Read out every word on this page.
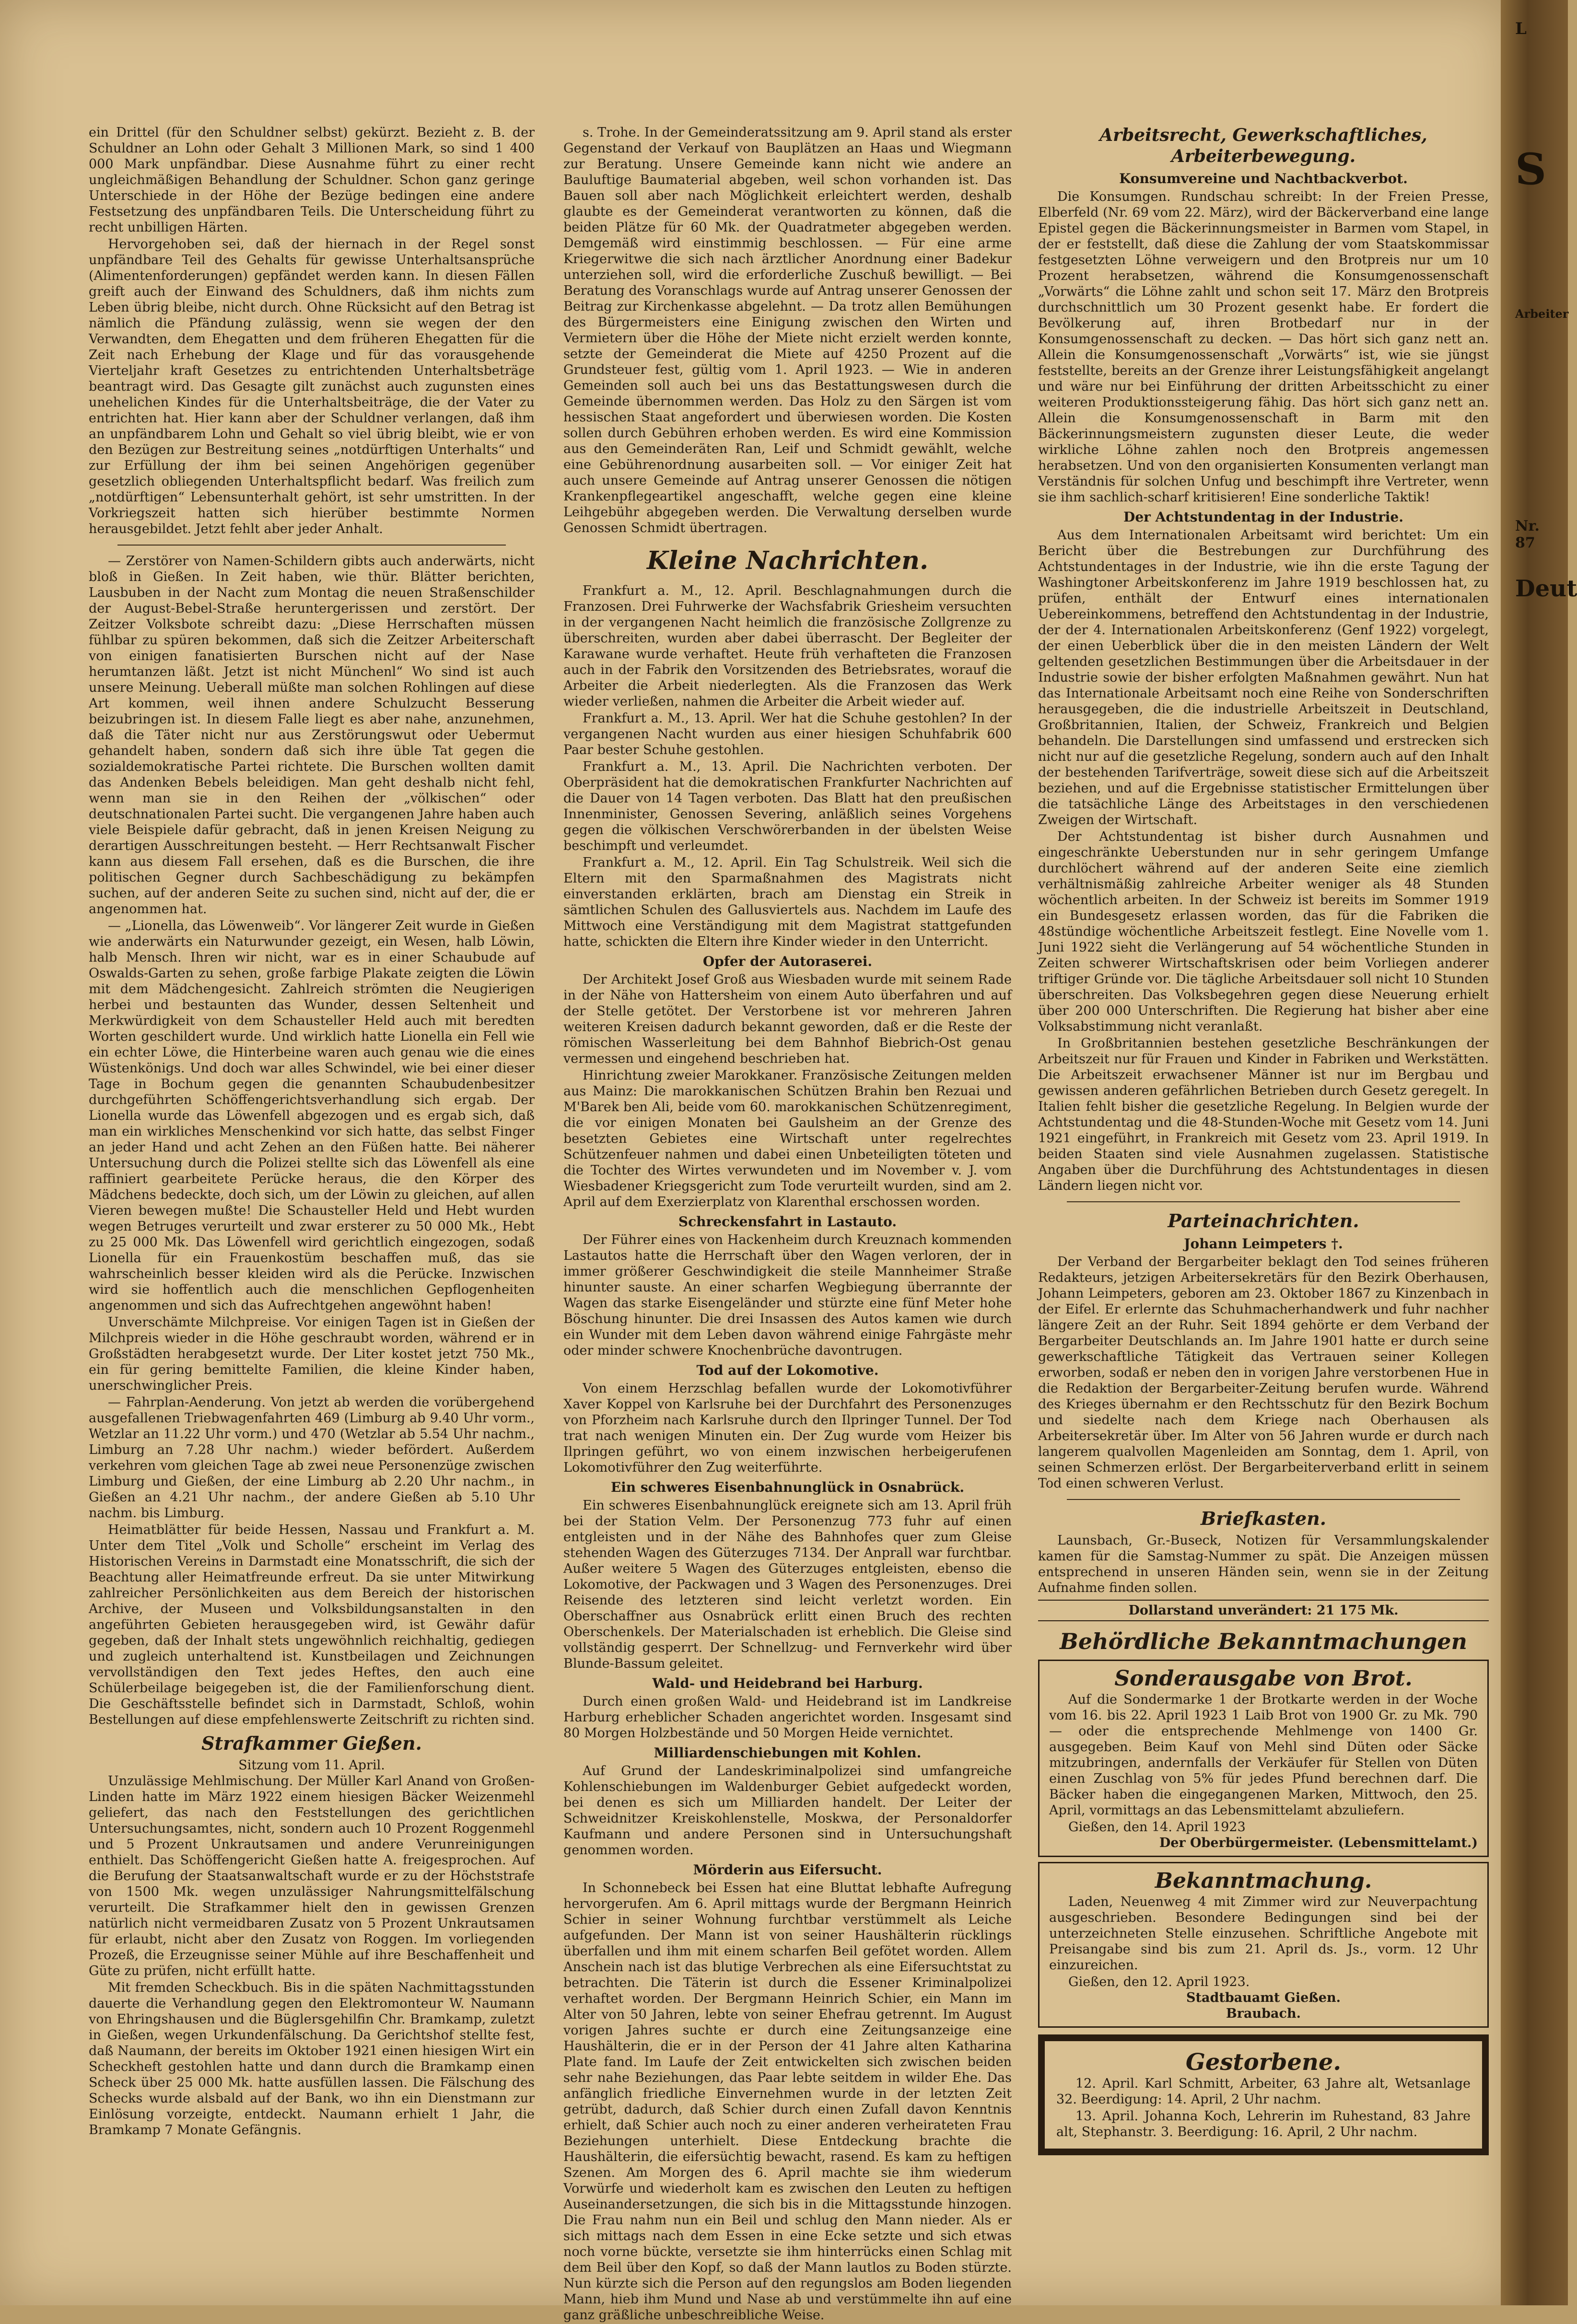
ein Drittel (für den Schuldner selbst) gekürzt. Bezieht z. B. der Schuldner an Lohn oder Gehalt 3 Millionen Mark, so sind 1 400 000 Mark unpfändbar. Diese Ausnahme führt zu einer recht ungleichmäßigen Behandlung der Schuldner. Schon ganz geringe Unterschiede in der Höhe der Bezüge bedingen eine andere Festsetzung des unpfändbaren Teils. Die Unterscheidung führt zu recht unbilligen Härten.

Hervorgehoben sei, daß der hiernach in der Regel sonst unpfändbare Teil des Gehalts für gewisse Unterhaltsansprüche (Alimentenforderungen) gepfändet werden kann. In diesen Fällen greift auch der Einwand des Schuldners, daß ihm nichts zum Leben übrig bleibe, nicht durch. Ohne Rücksicht auf den Betrag ist nämlich die Pfändung zulässig, wenn sie wegen der den Verwandten, dem Ehegatten und dem früheren Ehegatten für die Zeit nach Erhebung der Klage und für das vorausgehende Vierteljahr kraft Gesetzes zu entrichtenden Unterhaltsbeträge beantragt wird. Das Gesagte gilt zunächst auch zugunsten eines unehelichen Kindes für die Unterhaltsbeiträge, die der Vater zu entrichten hat. Hier kann aber der Schuldner verlangen, daß ihm an unpfändbarem Lohn und Gehalt so viel übrig bleibt, wie er von den Bezügen zur Bestreitung seines „notdürftigen Unterhalts“ und zur Erfüllung der ihm bei seinen Angehörigen gegenüber gesetzlich obliegenden Unterhaltspflicht bedarf. Was freilich zum „notdürftigen“ Lebensunterhalt gehört, ist sehr umstritten. In der Vorkriegszeit hatten sich hierüber bestimmte Normen herausgebildet. Jetzt fehlt aber jeder Anhalt.

— Zerstörer von Namen-Schildern gibts auch anderwärts, nicht bloß in Gießen. In Zeit haben, wie thür. Blätter berichten, Lausbuben in der Nacht zum Montag die neuen Straßenschilder der August-Bebel-Straße heruntergerissen und zerstört. Der Zeitzer Volksbote schreibt dazu: „Diese Herrschaften müssen fühlbar zu spüren bekommen, daß sich die Zeitzer Arbeiterschaft von einigen fanatisierten Burschen nicht auf der Nase herumtanzen läßt. Jetzt ist nicht Münchenl“ Wo sind ist auch unsere Meinung. Ueberall müßte man solchen Rohlingen auf diese Art kommen, weil ihnen andere Schulzucht Besserung beizubringen ist. In diesem Falle liegt es aber nahe, anzunehmen, daß die Täter nicht nur aus Zerstörungswut oder Uebermut gehandelt haben, sondern daß sich ihre üble Tat gegen die sozialdemokratische Partei richtete. Die Burschen wollten damit das Andenken Bebels beleidigen. Man geht deshalb nicht fehl, wenn man sie in den Reihen der „völkischen“ oder deutschnationalen Partei sucht. Die vergangenen Jahre haben auch viele Beispiele dafür gebracht, daß in jenen Kreisen Neigung zu derartigen Ausschreitungen besteht. — Herr Rechtsanwalt Fischer kann aus diesem Fall ersehen, daß es die Burschen, die ihre politischen Gegner durch Sachbeschädigung zu bekämpfen suchen, auf der anderen Seite zu suchen sind, nicht auf der, die er angenommen hat.

— „Lionella, das Löwenweib“. Vor längerer Zeit wurde in Gießen wie anderwärts ein Naturwunder gezeigt, ein Wesen, halb Löwin, halb Mensch. Ihren wir nicht, war es in einer Schaubude auf Oswalds-Garten zu sehen, große farbige Plakate zeigten die Löwin mit dem Mädchengesicht. Zahlreich strömten die Neugierigen herbei und bestaunten das Wunder, dessen Seltenheit und Merkwürdigkeit von dem Schausteller Held auch mit beredten Worten geschildert wurde. Und wirklich hatte Lionella ein Fell wie ein echter Löwe, die Hinterbeine waren auch genau wie die eines Wüstenkönigs. Und doch war alles Schwindel, wie bei einer dieser Tage in Bochum gegen die genannten Schaubudenbesitzer durchgeführten Schöffengerichtsverhandlung sich ergab. Der Lionella wurde das Löwenfell abgezogen und es ergab sich, daß man ein wirkliches Menschenkind vor sich hatte, das selbst Finger an jeder Hand und acht Zehen an den Füßen hatte. Bei näherer Untersuchung durch die Polizei stellte sich das Löwenfell als eine raffiniert gearbeitete Perücke heraus, die den Körper des Mädchens bedeckte, doch sich, um der Löwin zu gleichen, auf allen Vieren bewegen mußte! Die Schausteller Held und Hebt wurden wegen Betruges verurteilt und zwar ersterer zu 50 000 Mk., Hebt zu 25 000 Mk. Das Löwenfell wird gerichtlich eingezogen, sodaß Lionella für ein Frauenkostüm beschaffen muß, das sie wahrscheinlich besser kleiden wird als die Perücke. Inzwischen wird sie hoffentlich auch die menschlichen Gepflogenheiten angenommen und sich das Aufrechtgehen angewöhnt haben!

Unverschämte Milchpreise. Vor einigen Tagen ist in Gießen der Milchpreis wieder in die Höhe geschraubt worden, während er in Großstädten herabgesetzt wurde. Der Liter kostet jetzt 750 Mk., ein für gering bemittelte Familien, die kleine Kinder haben, unerschwinglicher Preis.

— Fahrplan-Aenderung. Von jetzt ab werden die vorübergehend ausgefallenen Triebwagenfahrten 469 (Limburg ab 9.40 Uhr vorm., Wetzlar an 11.22 Uhr vorm.) und 470 (Wetzlar ab 5.54 Uhr nachm., Limburg an 7.28 Uhr nachm.) wieder befördert. Außerdem verkehren vom gleichen Tage ab zwei neue Personenzüge zwischen Limburg und Gießen, der eine Limburg ab 2.20 Uhr nachm., in Gießen an 4.21 Uhr nachm., der andere Gießen ab 5.10 Uhr nachm. bis Limburg.

Heimatblätter für beide Hessen, Nassau und Frankfurt a. M. Unter dem Titel „Volk und Scholle“ erscheint im Verlag des Historischen Vereins in Darmstadt eine Monatsschrift, die sich der Beachtung aller Heimatfreunde erfreut. Da sie unter Mitwirkung zahlreicher Persönlichkeiten aus dem Bereich der historischen Archive, der Museen und Volksbildungsanstalten in den angeführten Gebieten herausgegeben wird, ist Gewähr dafür gegeben, daß der Inhalt stets ungewöhnlich reichhaltig, gediegen und zugleich unterhaltend ist. Kunstbeilagen und Zeichnungen vervollständigen den Text jedes Heftes, den auch eine Schülerbeilage beigegeben ist, die der Familienforschung dient. Die Geschäftsstelle befindet sich in Darmstadt, Schloß, wohin Bestellungen auf diese empfehlenswerte Zeitschrift zu richten sind.

Strafkammer Gießen.
Sitzung vom 11. April.

Unzulässige Mehlmischung. Der Müller Karl Anand von Großen-Linden hatte im März 1922 einem hiesigen Bäcker Weizenmehl geliefert, das nach den Feststellungen des gerichtlichen Untersuchungsamtes, nicht, sondern auch 10 Prozent Roggenmehl und 5 Prozent Unkrautsamen und andere Verunreinigungen enthielt. Das Schöffengericht Gießen hatte A. freigesprochen. Auf die Berufung der Staatsanwaltschaft wurde er zu der Höchststrafe von 1500 Mk. wegen unzulässiger Nahrungsmittelfälschung verurteilt. Die Strafkammer hielt den in gewissen Grenzen natürlich nicht vermeidbaren Zusatz von 5 Prozent Unkrautsamen für erlaubt, nicht aber den Zusatz von Roggen. Im vorliegenden Prozeß, die Erzeugnisse seiner Mühle auf ihre Beschaffenheit und Güte zu prüfen, nicht erfüllt hatte.

Mit fremden Scheckbuch. Bis in die späten Nachmittagsstunden dauerte die Verhandlung gegen den Elektromonteur W. Naumann von Ehringshausen und die Büglersgehilfin Chr. Bramkamp, zuletzt in Gießen, wegen Urkundenfälschung. Da Gerichtshof stellte fest, daß Naumann, der bereits im Oktober 1921 einen hiesigen Wirt ein Scheckheft gestohlen hatte und dann durch die Bramkamp einen Scheck über 25 000 Mk. hatte ausfüllen lassen. Die Fälschung des Schecks wurde alsbald auf der Bank, wo ihn ein Dienstmann zur Einlösung vorzeigte, entdeckt. Naumann erhielt 1 Jahr, die Bramkamp 7 Monate Gefängnis.

s. Trohe. In der Gemeinderatssitzung am 9. April stand als erster Gegenstand der Verkauf von Bauplätzen an Haas und Wiegmann zur Beratung. Unsere Gemeinde kann nicht wie andere an Bauluftige Baumaterial abgeben, weil schon vorhanden ist. Das Bauen soll aber nach Möglichkeit erleichtert werden, deshalb glaubte es der Gemeinderat verantworten zu können, daß die beiden Plätze für 60 Mk. der Quadratmeter abgegeben werden. Demgemäß wird einstimmig beschlossen. — Für eine arme Kriegerwitwe die sich nach ärztlicher Anordnung einer Badekur unterziehen soll, wird die erforderliche Zuschuß bewilligt. — Bei Beratung des Voranschlags wurde auf Antrag unserer Genossen der Beitrag zur Kirchenkasse abgelehnt. — Da trotz allen Bemühungen des Bürgermeisters eine Einigung zwischen den Wirten und Vermietern über die Höhe der Miete nicht erzielt werden konnte, setzte der Gemeinderat die Miete auf 4250 Prozent auf die Grundsteuer fest, gültig vom 1. April 1923. — Wie in anderen Gemeinden soll auch bei uns das Bestattungswesen durch die Gemeinde übernommen werden. Das Holz zu den Särgen ist vom hessischen Staat angefordert und überwiesen worden. Die Kosten sollen durch Gebühren erhoben werden. Es wird eine Kommission aus den Gemeinderäten Ran, Leif und Schmidt gewählt, welche eine Gebührenordnung ausarbeiten soll. — Vor einiger Zeit hat auch unsere Gemeinde auf Antrag unserer Genossen die nötigen Krankenpflegeartikel angeschafft, welche gegen eine kleine Leihgebühr abgegeben werden. Die Verwaltung derselben wurde Genossen Schmidt übertragen.

Kleine Nachrichten.

Frankfurt a. M., 12. April. Beschlagnahmungen durch die Franzosen. Drei Fuhrwerke der Wachsfabrik Griesheim versuchten in der vergangenen Nacht heimlich die französische Zollgrenze zu überschreiten, wurden aber dabei überrascht. Der Begleiter der Karawane wurde verhaftet. Heute früh verhafteten die Franzosen auch in der Fabrik den Vorsitzenden des Betriebsrates, worauf die Arbeiter die Arbeit niederlegten. Als die Franzosen das Werk wieder verließen, nahmen die Arbeiter die Arbeit wieder auf.

Frankfurt a. M., 13. April. Wer hat die Schuhe gestohlen? In der vergangenen Nacht wurden aus einer hiesigen Schuhfabrik 600 Paar bester Schuhe gestohlen.

Frankfurt a. M., 13. April. Die Nachrichten verboten. Der Oberpräsident hat die demokratischen Frankfurter Nachrichten auf die Dauer von 14 Tagen verboten. Das Blatt hat den preußischen Innenminister, Genossen Severing, anläßlich seines Vorgehens gegen die völkischen Verschwörerbanden in der übelsten Weise beschimpft und verleumdet.

Frankfurt a. M., 12. April. Ein Tag Schulstreik. Weil sich die Eltern mit den Sparmaßnahmen des Magistrats nicht einverstanden erklärten, brach am Dienstag ein Streik in sämtlichen Schulen des Gallusviertels aus. Nachdem im Laufe des Mittwoch eine Verständigung mit dem Magistrat stattgefunden hatte, schickten die Eltern ihre Kinder wieder in den Unterricht.

Opfer der Autoraserei.

Der Architekt Josef Groß aus Wiesbaden wurde mit seinem Rade in der Nähe von Hattersheim von einem Auto überfahren und auf der Stelle getötet. Der Verstorbene ist vor mehreren Jahren weiteren Kreisen dadurch bekannt geworden, daß er die Reste der römischen Wasserleitung bei dem Bahnhof Biebrich-Ost genau vermessen und eingehend beschrieben hat.

Hinrichtung zweier Marokkaner. Französische Zeitungen melden aus Mainz: Die marokkanischen Schützen Brahin ben Rezuai und M'Barek ben Ali, beide vom 60. marokkanischen Schützenregiment, die vor einigen Monaten bei Gaulsheim an der Grenze des besetzten Gebietes eine Wirtschaft unter regelrechtes Schützenfeuer nahmen und dabei einen Unbeteiligten töteten und die Tochter des Wirtes verwundeten und im November v. J. vom Wiesbadener Kriegsgericht zum Tode verurteilt wurden, sind am 2. April auf dem Exerzierplatz von Klarenthal erschossen worden.

Schreckensfahrt in Lastauto.

Der Führer eines von Hackenheim durch Kreuznach kommenden Lastautos hatte die Herrschaft über den Wagen verloren, der in immer größerer Geschwindigkeit die steile Mannheimer Straße hinunter sauste. An einer scharfen Wegbiegung überrannte der Wagen das starke Eisengeländer und stürzte eine fünf Meter hohe Böschung hinunter. Die drei Insassen des Autos kamen wie durch ein Wunder mit dem Leben davon während einige Fahrgäste mehr oder minder schwere Knochenbrüche davontrugen.

Tod auf der Lokomotive.

Von einem Herzschlag befallen wurde der Lokomotivführer Xaver Koppel von Karlsruhe bei der Durchfahrt des Personenzuges von Pforzheim nach Karlsruhe durch den Ilpringer Tunnel. Der Tod trat nach wenigen Minuten ein. Der Zug wurde vom Heizer bis Ilpringen geführt, wo von einem inzwischen herbeigerufenen Lokomotivführer den Zug weiterführte.

Ein schweres Eisenbahnunglück in Osnabrück.

Ein schweres Eisenbahnunglück ereignete sich am 13. April früh bei der Station Velm. Der Personenzug 773 fuhr auf einen entgleisten und in der Nähe des Bahnhofes quer zum Gleise stehenden Wagen des Güterzuges 7134. Der Anprall war furchtbar. Außer weitere 5 Wagen des Güterzuges entgleisten, ebenso die Lokomotive, der Packwagen und 3 Wagen des Personenzuges. Drei Reisende des letzteren sind leicht verletzt worden. Ein Oberschaffner aus Osnabrück erlitt einen Bruch des rechten Oberschenkels. Der Materialschaden ist erheblich. Die Gleise sind vollständig gesperrt. Der Schnellzug- und Fernverkehr wird über Blunde-Bassum geleitet.

Wald- und Heidebrand bei Harburg.

Durch einen großen Wald- und Heidebrand ist im Landkreise Harburg erheblicher Schaden angerichtet worden. Insgesamt sind 80 Morgen Holzbestände und 50 Morgen Heide vernichtet.

Milliardenschiebungen mit Kohlen.

Auf Grund der Landeskriminalpolizei sind umfangreiche Kohlenschiebungen im Waldenburger Gebiet aufgedeckt worden, bei denen es sich um Milliarden handelt. Der Leiter der Schweidnitzer Kreiskohlenstelle, Moskwa, der Personaldorfer Kaufmann und andere Personen sind in Untersuchungshaft genommen worden.

Mörderin aus Eifersucht.

In Schonnebeck bei Essen hat eine Bluttat lebhafte Aufregung hervorgerufen. Am 6. April mittags wurde der Bergmann Heinrich Schier in seiner Wohnung furchtbar verstümmelt als Leiche aufgefunden. Der Mann ist von seiner Haushälterin rücklings überfallen und ihm mit einem scharfen Beil gefötet worden. Allem Anschein nach ist das blutige Verbrechen als eine Eifersuchtstat zu betrachten. Die Täterin ist durch die Essener Kriminalpolizei verhaftet worden. Der Bergmann Heinrich Schier, ein Mann im Alter von 50 Jahren, lebte von seiner Ehefrau getrennt. Im August vorigen Jahres suchte er durch eine Zeitungsanzeige eine Haushälterin, die er in der Person der 41 Jahre alten Katharina Plate fand. Im Laufe der Zeit entwickelten sich zwischen beiden sehr nahe Beziehungen, das Paar lebte seitdem in wilder Ehe. Das anfänglich friedliche Einvernehmen wurde in der letzten Zeit getrübt, dadurch, daß Schier durch einen Zufall davon Kenntnis erhielt, daß Schier auch noch zu einer anderen verheirateten Frau Beziehungen unterhielt. Diese Entdeckung brachte die Haushälterin, die eifersüchtig bewacht, rasend. Es kam zu heftigen Szenen. Am Morgen des 6. April machte sie ihm wiederum Vorwürfe und wiederholt kam es zwischen den Leuten zu heftigen Auseinandersetzungen, die sich bis in die Mittagsstunde hinzogen. Die Frau nahm nun ein Beil und schlug den Mann nieder. Als er sich mittags nach dem Essen in eine Ecke setzte und sich etwas noch vorne bückte, versetzte sie ihm hinterrücks einen Schlag mit dem Beil über den Kopf, so daß der Mann lautlos zu Boden stürzte. Nun kürzte sich die Person auf den regungslos am Boden liegenden Mann, hieb ihm Mund und Nase ab und verstümmelte ihn auf eine ganz gräßliche unbeschreibliche Weise.

Arbeitsrecht, Gewerkschaftliches, Arbeiterbewegung.
Konsumvereine und Nachtbackverbot.

Die Konsumgen. Rundschau schreibt: In der Freien Presse, Elberfeld (Nr. 69 vom 22. März), wird der Bäckerverband eine lange Epistel gegen die Bäckerinnungsmeister in Barmen vom Stapel, in der er feststellt, daß diese die Zahlung der vom Staatskommissar festgesetzten Löhne verweigern und den Brotpreis nur um 10 Prozent herabsetzen, während die Konsumgenossenschaft „Vorwärts“ die Löhne zahlt und schon seit 17. März den Brotpreis durchschnittlich um 30 Prozent gesenkt habe. Er fordert die Bevölkerung auf, ihren Brotbedarf nur in der Konsumgenossenschaft zu decken. — Das hört sich ganz nett an. Allein die Konsumgenossenschaft „Vorwärts“ ist, wie sie jüngst feststellte, bereits an der Grenze ihrer Leistungsfähigkeit angelangt und wäre nur bei Einführung der dritten Arbeitsschicht zu einer weiteren Produktionssteigerung fähig. Das hört sich ganz nett an. Allein die Konsumgenossenschaft in Barm mit den Bäckerinnungsmeistern zugunsten dieser Leute, die weder wirkliche Löhne zahlen noch den Brotpreis angemessen herabsetzen. Und von den organisierten Konsumenten verlangt man Verständnis für solchen Unfug und beschimpft ihre Vertreter, wenn sie ihm sachlich-scharf kritisieren! Eine sonderliche Taktik!

Der Achtstundentag in der Industrie.

Aus dem Internationalen Arbeitsamt wird berichtet: Um ein Bericht über die Bestrebungen zur Durchführung des Achtstundentages in der Industrie, wie ihn die erste Tagung der Washingtoner Arbeitskonferenz im Jahre 1919 beschlossen hat, zu prüfen, enthält der Entwurf eines internationalen Uebereinkommens, betreffend den Achtstundentag in der Industrie, der der 4. Internationalen Arbeitskonferenz (Genf 1922) vorgelegt, der einen Ueberblick über die in den meisten Ländern der Welt geltenden gesetzlichen Bestimmungen über die Arbeitsdauer in der Industrie sowie der bisher erfolgten Maßnahmen gewährt. Nun hat das Internationale Arbeitsamt noch eine Reihe von Sonderschriften herausgegeben, die die industrielle Arbeitszeit in Deutschland, Großbritannien, Italien, der Schweiz, Frankreich und Belgien behandeln. Die Darstellungen sind umfassend und erstrecken sich nicht nur auf die gesetzliche Regelung, sondern auch auf den Inhalt der bestehenden Tarifverträge, soweit diese sich auf die Arbeitszeit beziehen, und auf die Ergebnisse statistischer Ermittelungen über die tatsächliche Länge des Arbeitstages in den verschiedenen Zweigen der Wirtschaft.

Der Achtstundentag ist bisher durch Ausnahmen und eingeschränkte Ueberstunden nur in sehr geringem Umfange durchlöchert während auf der anderen Seite eine ziemlich verhältnismäßig zahlreiche Arbeiter weniger als 48 Stunden wöchentlich arbeiten. In der Schweiz ist bereits im Sommer 1919 ein Bundesgesetz erlassen worden, das für die Fabriken die 48stündige wöchentliche Arbeitszeit festlegt. Eine Novelle vom 1. Juni 1922 sieht die Verlängerung auf 54 wöchentliche Stunden in Zeiten schwerer Wirtschaftskrisen oder beim Vorliegen anderer triftiger Gründe vor. Die tägliche Arbeitsdauer soll nicht 10 Stunden überschreiten. Das Volksbegehren gegen diese Neuerung erhielt über 200 000 Unterschriften. Die Regierung hat bisher aber eine Volksabstimmung nicht veranlaßt.

In Großbritannien bestehen gesetzliche Beschränkungen der Arbeitszeit nur für Frauen und Kinder in Fabriken und Werkstätten. Die Arbeitszeit erwachsener Männer ist nur im Bergbau und gewissen anderen gefährlichen Betrieben durch Gesetz geregelt. In Italien fehlt bisher die gesetzliche Regelung. In Belgien wurde der Achtstundentag und die 48-Stunden-Woche mit Gesetz vom 14. Juni 1921 eingeführt, in Frankreich mit Gesetz vom 23. April 1919. In beiden Staaten sind viele Ausnahmen zugelassen. Statistische Angaben über die Durchführung des Achtstundentages in diesen Ländern liegen nicht vor.

Parteinachrichten.
Johann Leimpeters †.

Der Verband der Bergarbeiter beklagt den Tod seines früheren Redakteurs, jetzigen Arbeitersekretärs für den Bezirk Oberhausen, Johann Leimpeters, geboren am 23. Oktober 1867 zu Kinzenbach in der Eifel. Er erlernte das Schuhmacherhandwerk und fuhr nachher längere Zeit an der Ruhr. Seit 1894 gehörte er dem Verband der Bergarbeiter Deutschlands an. Im Jahre 1901 hatte er durch seine gewerkschaftliche Tätigkeit das Vertrauen seiner Kollegen erworben, sodaß er neben den in vorigen Jahre verstorbenen Hue in die Redaktion der Bergarbeiter-Zeitung berufen wurde. Während des Krieges übernahm er den Rechtsschutz für den Bezirk Bochum und siedelte nach dem Kriege nach Oberhausen als Arbeitersekretär über. Im Alter von 56 Jahren wurde er durch nach langerem qualvollen Magenleiden am Sonntag, dem 1. April, von seinen Schmerzen erlöst. Der Bergarbeiterverband erlitt in seinem Tod einen schweren Verlust.

Briefkasten.

Launsbach, Gr.-Buseck, Notizen für Versammlungskalender kamen für die Samstag-Nummer zu spät. Die Anzeigen müssen entsprechend in unseren Händen sein, wenn sie in der Zeitung Aufnahme finden sollen.

Dollarstand unverändert: 21 175 Mk.
Behördliche Bekanntmachungen
Sonderausgabe von Brot.

Auf die Sondermarke 1 der Brotkarte werden in der Woche vom 16. bis 22. April 1923 1 Laib Brot von 1900 Gr. zu Mk. 790 — oder die entsprechende Mehlmenge von 1400 Gr. ausgegeben. Beim Kauf von Mehl sind Düten oder Säcke mitzubringen, andernfalls der Verkäufer für Stellen von Düten einen Zuschlag von 5% für jedes Pfund berechnen darf. Die Bäcker haben die eingegangenen Marken, Mittwoch, den 25. April, vormittags an das Lebensmittelamt abzuliefern.

Gießen, den 14. April 1923
Der Oberbürgermeister. (Lebensmittelamt.)
Bekanntmachung.

Laden, Neuenweg 4 mit Zimmer wird zur Neuverpachtung ausgeschrieben. Besondere Bedingungen sind bei der unterzeichneten Stelle einzusehen. Schriftliche Angebote mit Preisangabe sind bis zum 21. April ds. Js., vorm. 12 Uhr einzureichen.

Gießen, den 12. April 1923.
Stadtbauamt Gießen.
Braubach.
Gestorbene.

12. April. Karl Schmitt, Arbeiter, 63 Jahre alt, Wetsanlage 32. Beerdigung: 14. April, 2 Uhr nachm.

13. April. Johanna Koch, Lehrerin im Ruhestand, 83 Jahre alt, Stephanstr. 3. Beerdigung: 16. April, 2 Uhr nachm.

L
S
Arbeiter
Nr. 87
Deut
